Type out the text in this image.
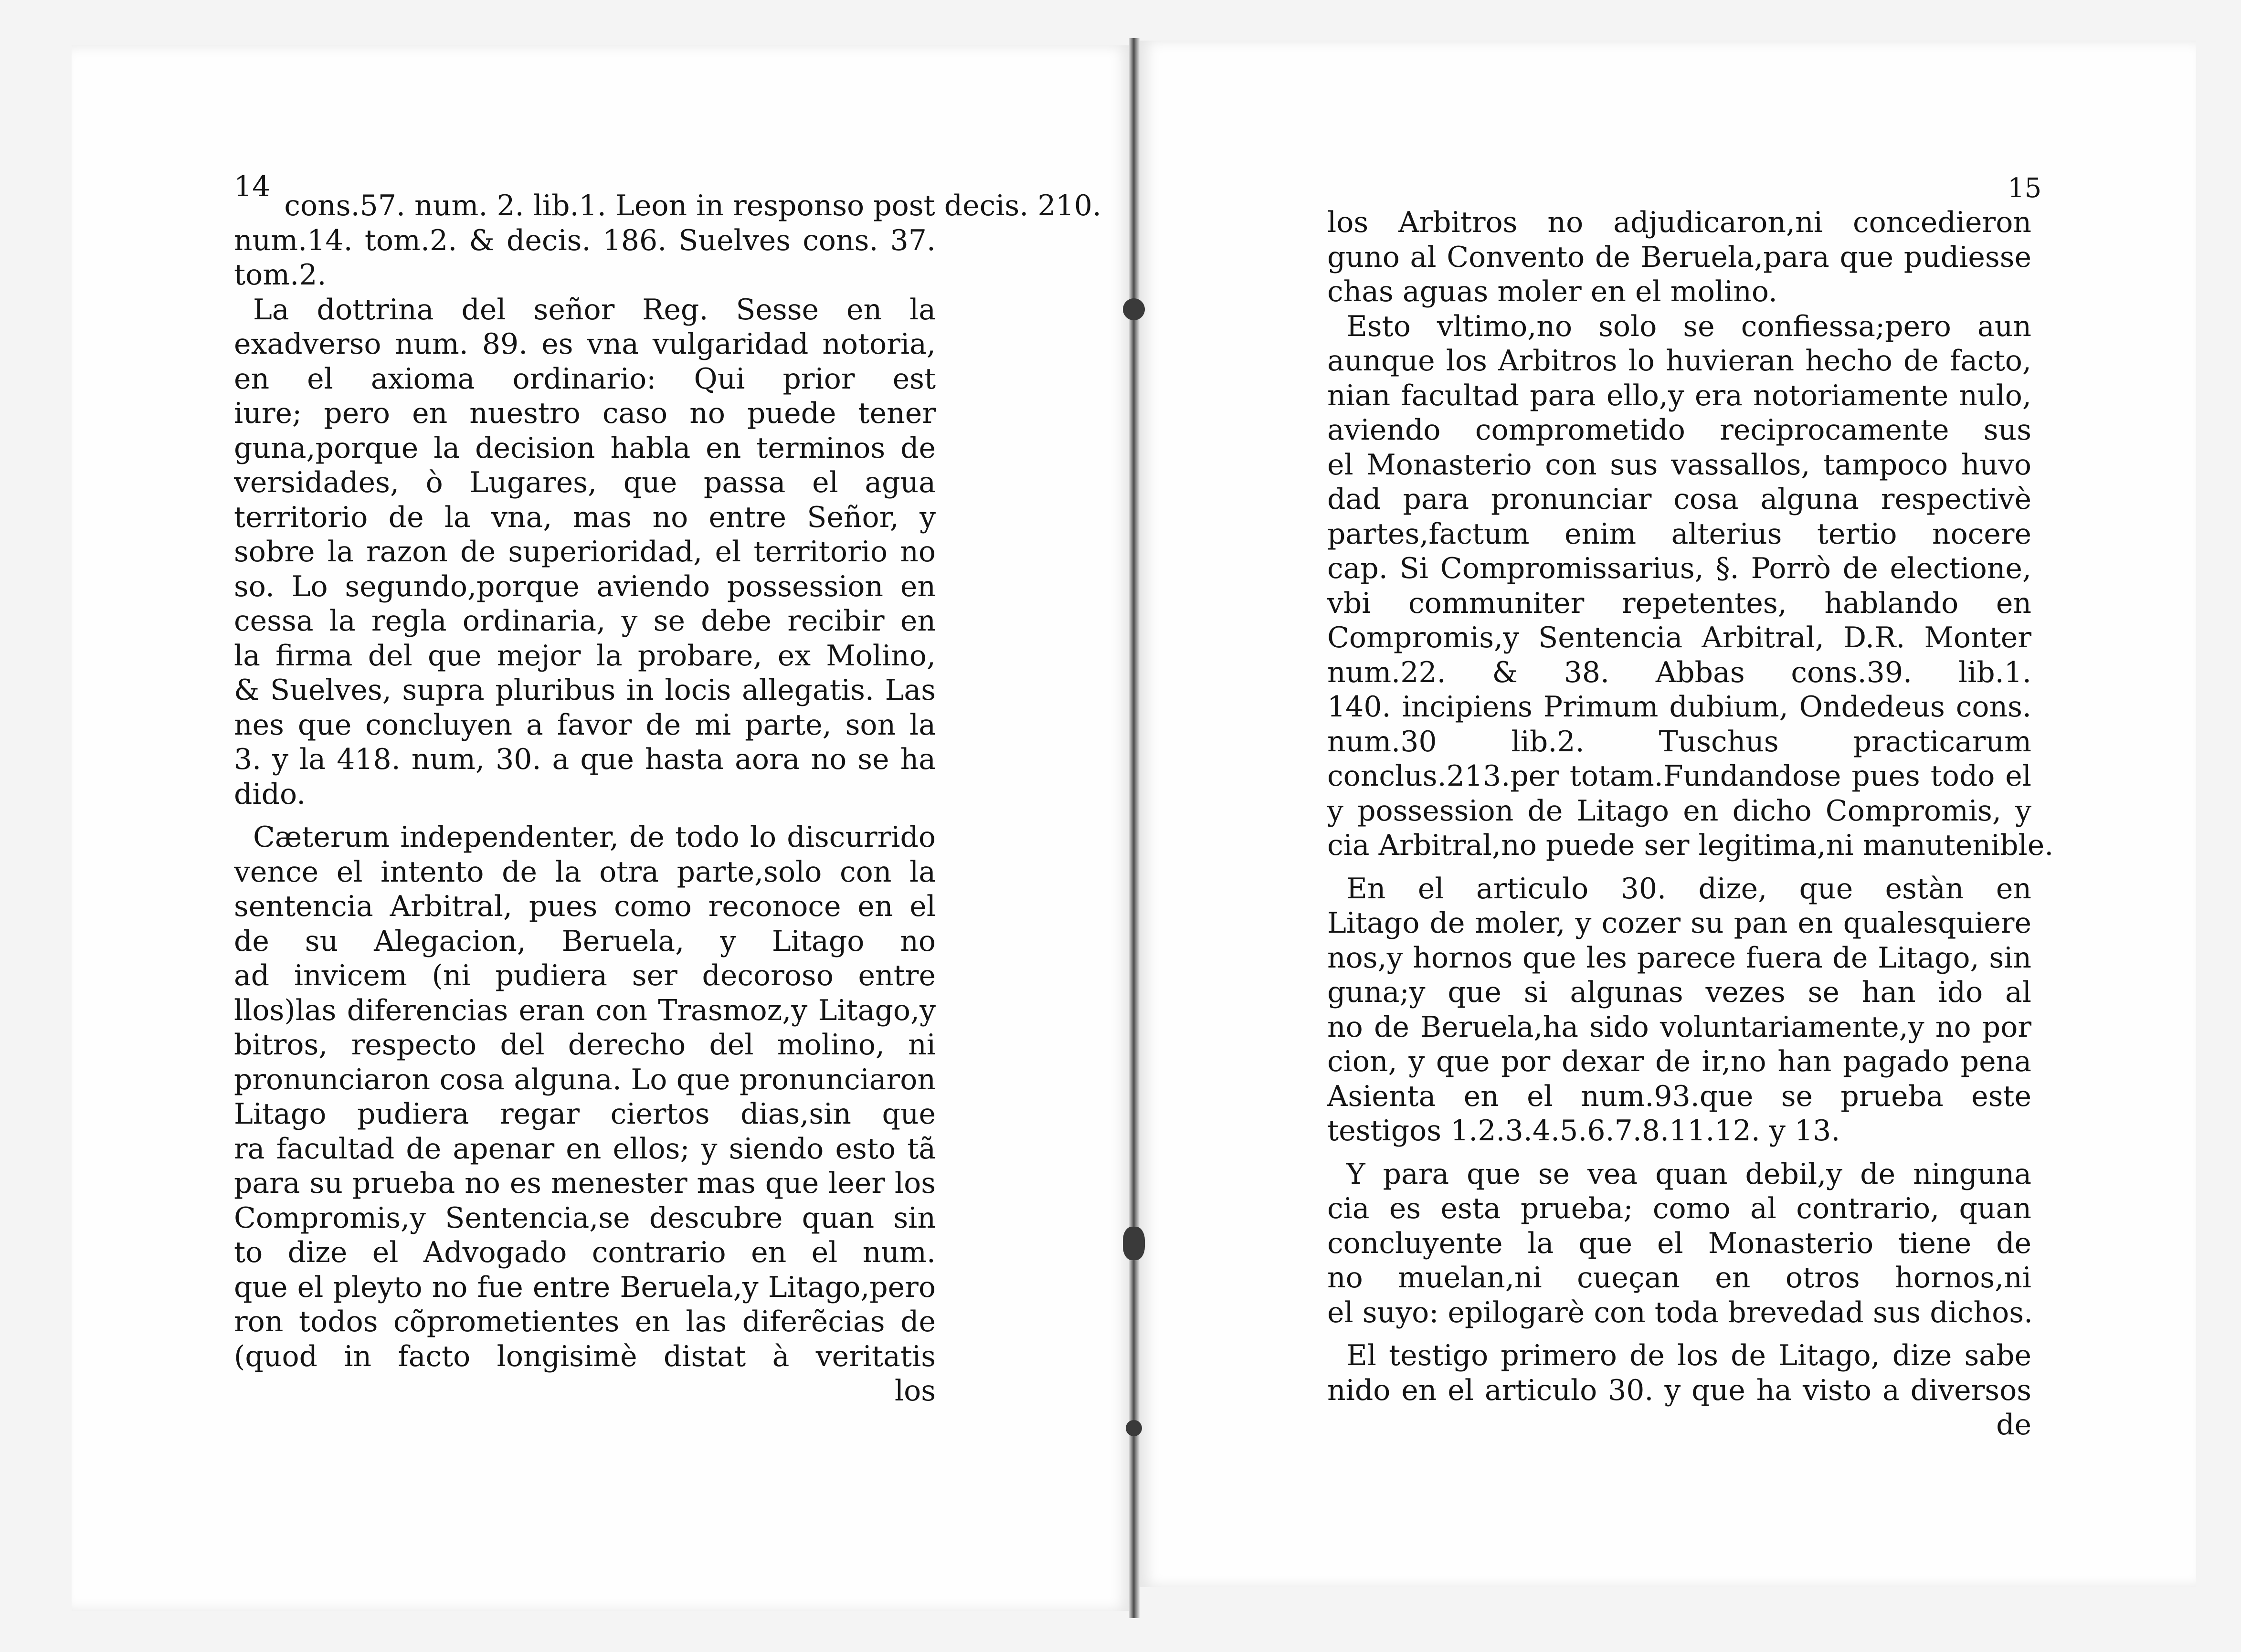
15
14 cons.57. num. 2. lib.1. Leon in responso post decis. 210.
num.14. tom.2. & decis. 186. Suelves cons. 37.
tom.2.
La dottrina del señor Reg. Sesse en la
exadverso num. 89. es vna vulgaridad notoria,
en el axioma ordinario: Qui prior est
iure; pero en nuestro caso no puede tener
guna,porque la decision habla en terminos de
versidades, ò Lugares, que passa el agua
territorio de la vna, mas no entre Señor, y
sobre la razon de superioridad, el territorio no
so. Lo segundo,porque aviendo possession en
cessa la regla ordinaria, y se debe recibir en
la firma del que mejor la probare, ex Molino,
& Suelves, supra pluribus in locis allegatis. Las
nes que concluyen a favor de mi parte, son la
3. y la 418. num, 30. a que hasta aora no se ha
dido.
Cæterum independenter, de todo lo discurrido
vence el intento de la otra parte,solo con la
sentencia Arbitral, pues como reconoce en el
de su Alegacion, Beruela, y Litago no
ad invicem (ni pudiera ser decoroso entre
llos)las diferencias eran con Trasmoz,y Litago,y
bitros, respecto del derecho del molino, ni
pronunciaron cosa alguna. Lo que pronunciaron
Litago pudiera regar ciertos dias,sin que
ra facultad de apenar en ellos; y siendo esto tã
para su prueba no es menester mas que leer los
Compromis,y Sentencia,se descubre quan sin
to dize el Advogado contrario en el num.
que el pleyto no fue entre Beruela,y Litago,pero
ron todos cõprometientes en las diferẽcias de
(quod in facto longisimè distat à veritatis
los
los Arbitros no adjudicaron,ni concedieron
guno al Convento de Beruela,para que pudiesse
chas aguas moler en el molino.
Esto vltimo,no solo se confiessa;pero aun
aunque los Arbitros lo huvieran hecho de facto,
nian facultad para ello,y era notoriamente nulo,
aviendo comprometido reciprocamente sus
el Monasterio con sus vassallos, tampoco huvo
dad para pronunciar cosa alguna respectivè
partes,factum enim alterius tertio nocere
cap. Si Compromissarius, §. Porrò de electione,
vbi communiter repetentes, hablando en
Compromis,y Sentencia Arbitral, D.R. Monter
num.22. & 38. Abbas cons.39. lib.1.
140. incipiens Primum dubium, Ondedeus cons.
num.30 lib.2. Tuschus practicarum
conclus.213.per totam.Fundandose pues todo el
y possession de Litago en dicho Compromis, y
cia Arbitral,no puede ser legitima,ni manutenible.
En el articulo 30. dize, que estàn en
Litago de moler, y cozer su pan en qualesquiere
nos,y hornos que les parece fuera de Litago, sin
guna;y que si algunas vezes se han ido al
no de Beruela,ha sido voluntariamente,y no por
cion, y que por dexar de ir,no han pagado pena
Asienta en el num.93.que se prueba este
testigos 1.2.3.4.5.6.7.8.11.12. y 13.
Y para que se vea quan debil,y de ninguna
cia es esta prueba; como al contrario, quan
concluyente la que el Monasterio tiene de
no muelan,ni cueçan en otros hornos,ni
el suyo: epilogarè con toda brevedad sus dichos.
El testigo primero de los de Litago, dize sabe
nido en el articulo 30. y que ha visto a diversos
de
